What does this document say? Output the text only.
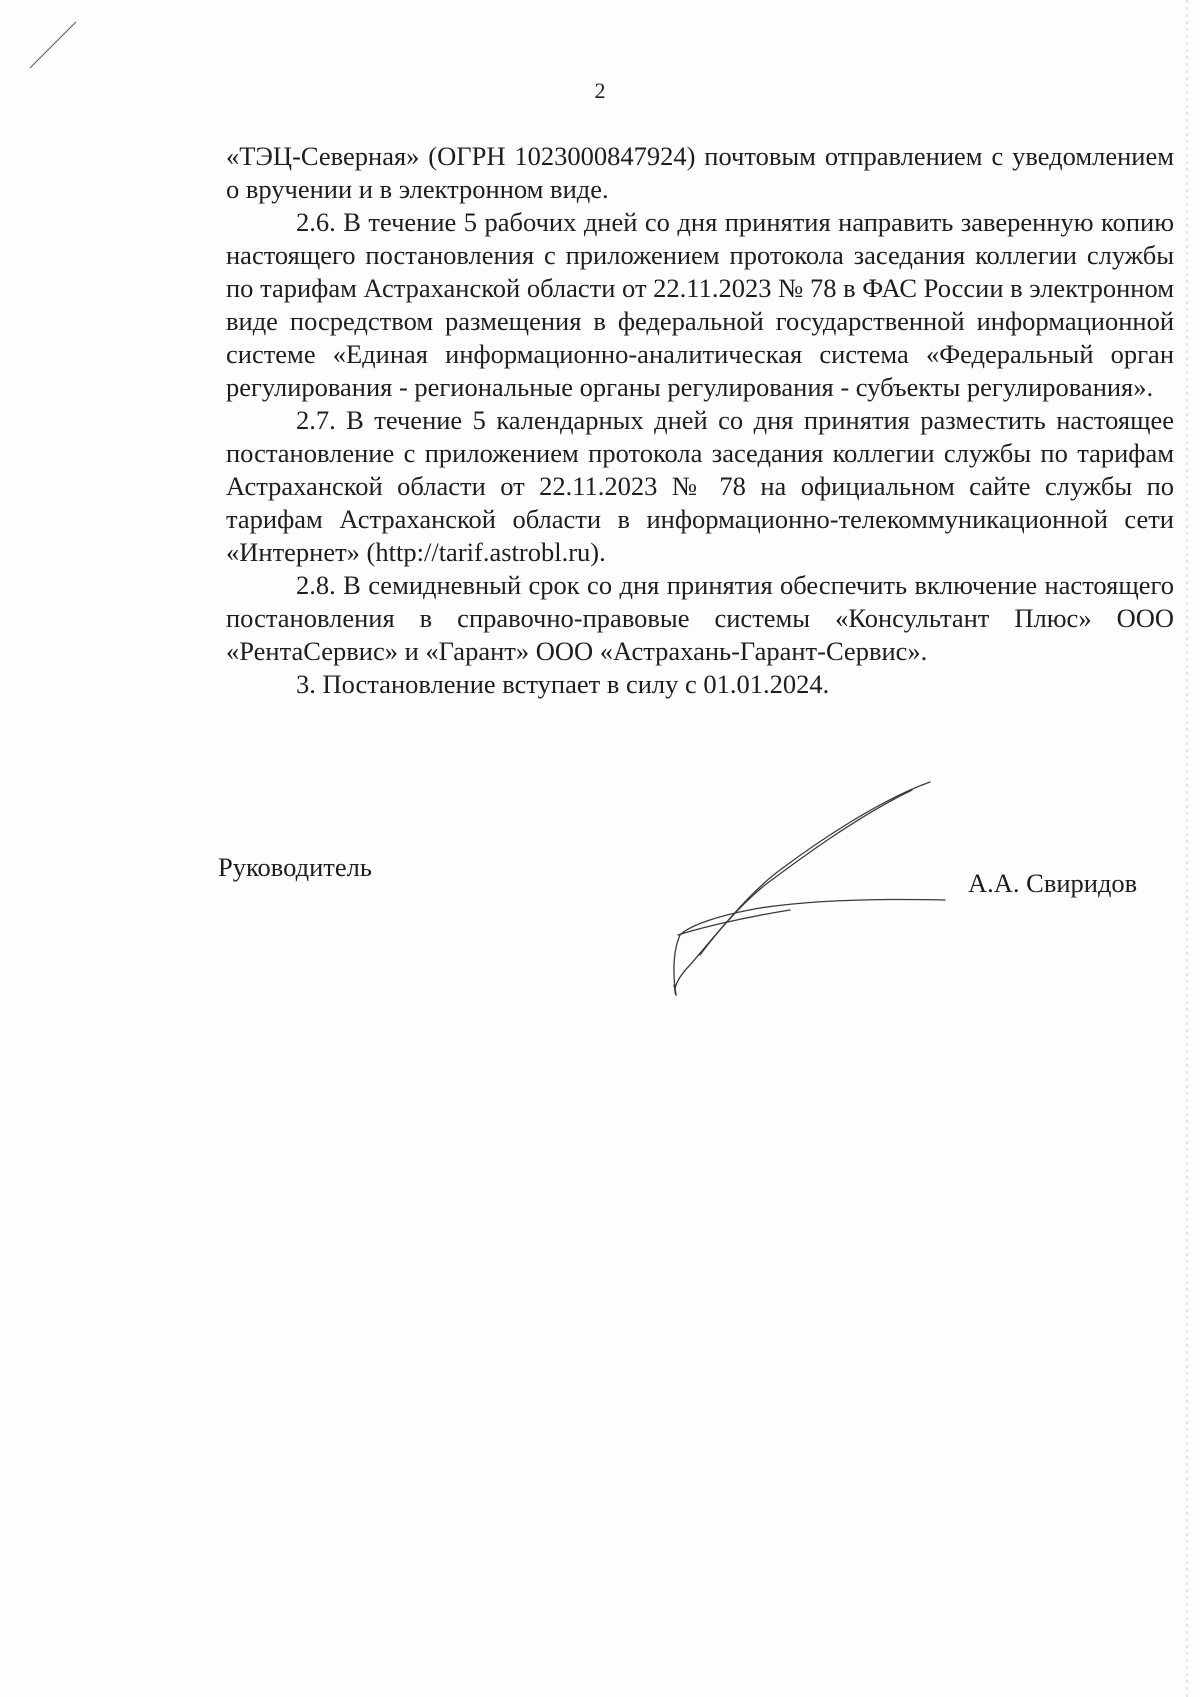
2

«ТЭЦ-Северная» (ОГРН 1023000847924) почтовым отправлением с уведомлением о вручении и в электронном виде.

2.6. В течение 5 рабочих дней со дня принятия направить заверенную копию настоящего постановления с приложением протокола заседания коллегии службы по тарифам Астраханской области от 22.11.2023 № 78 в ФАС России в электронном виде посредством размещения в федеральной государственной информационной системе «Единая информационно-аналитическая система «Федеральный орган регулирования - региональные органы регулирования - субъекты регулирования».

2.7. В течение 5 календарных дней со дня принятия разместить настоящее постановление с приложением протокола заседания коллегии службы по тарифам Астраханской области от 22.11.2023 № 78 на официальном сайте службы по тарифам Астраханской области в информационно-телекоммуникационной сети «Интернет» (http://tarif.astrobl.ru).

2.8. В семидневный срок со дня принятия обеспечить включение настоящего постановления в справочно-правовые системы «Консультант Плюс» ООО «РентаСервис» и «Гарант» ООО «Астрахань-Гарант-Сервис».

3. Постановление вступает в силу с 01.01.2024.

Руководитель
А.А. Свиридов
